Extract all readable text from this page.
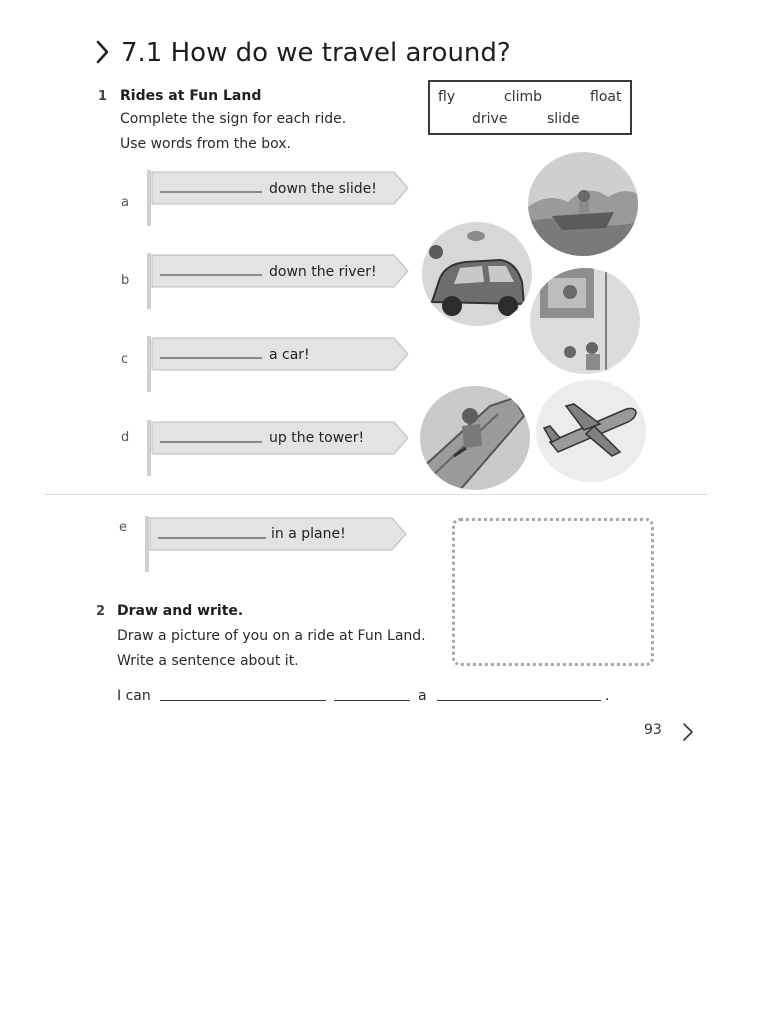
7.1 How do we travel around?
1 Rides at Fun Land
Complete the sign for each ride.
Use words from the box.
fly	climb	float
drive	slide
a
down the slide!
b
down the river!
c	a car!
d	up the tower!
e	in a plane!
2 Draw and write.
Draw a picture of you on a ride at Fun Land.
Write a sentence about it.
I can	a	.
93
